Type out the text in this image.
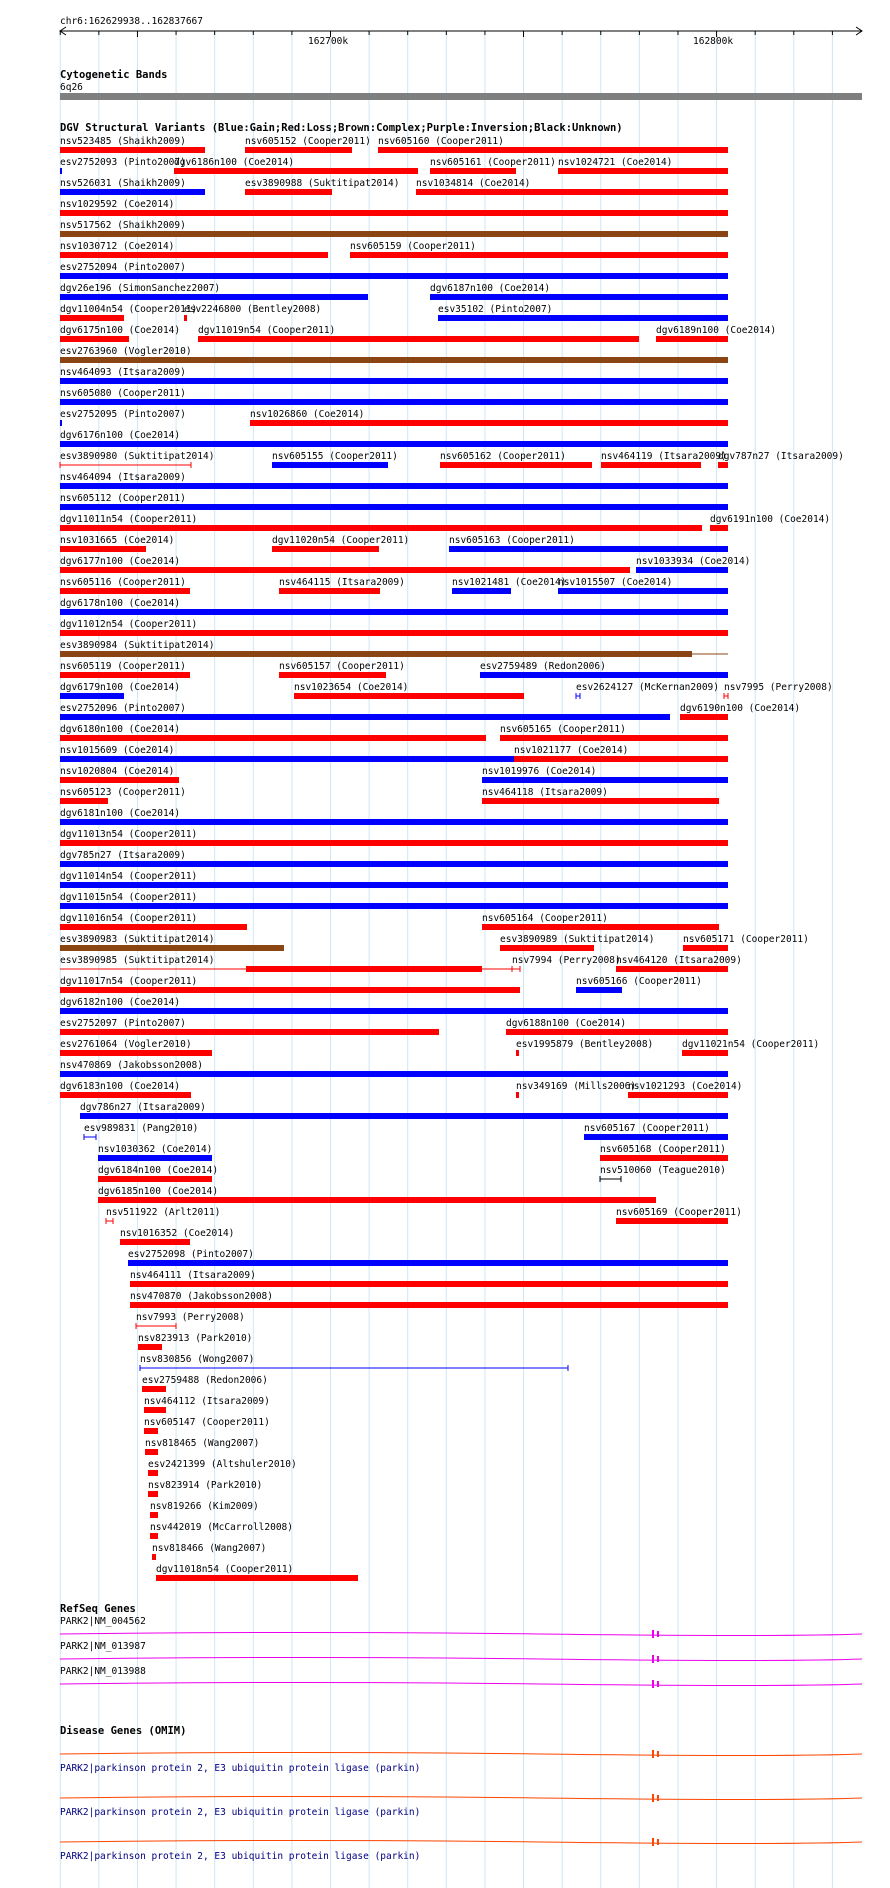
chr6:162629938..162837667
162700k	162800k
Cytogenetic Bands
6q26
DGV Structural Variants (Blue:Gain;Red:Loss;Brown:Complex;Purple:Inversion;Black:Unknown)
nsv523485 (Shaikh2009)	nsv605152 (Cooper2011) nsv605160 (Cooper2011)
esv2752093 (Pinto2007)
dgv6186n100 (Coe2014)	nsv605161 (Cooper2011) nsv1024721 (Coe2014)
nsv526031 (Shaikh2009)	esv3890988 (Suktitipat2014) nsv1034814 (Coe2014)
nsv1029592 (Coe2014)
nsv517562 (Shaikh2009)
nsv1030712 (Coe2014)	nsv605159 (Cooper2011)
esv2752094 (Pinto2007)
dgv26e196 (SimonSanchez2007)	dgv6187n100 (Coe2014)
dgv11004n54 (Cooper2011)
esv2246800 (Bentley2008)	esv35102 (Pinto2007)
dgv6175n100 (Coe2014) dgv11019n54 (Cooper2011)	dgv6189n100 (Coe2014)
esv2763960 (Vogler2010)
nsv464093 (Itsara2009)
nsv605080 (Cooper2011)
esv2752095 (Pinto2007)	nsv1026860 (Coe2014)
dgv6176n100 (Coe2014)
esv3890980 (Suktitipat2014)	nsv605155 (Cooper2011)	nsv605162 (Cooper2011)	nsv464119 (Itsara2009)
dgv787n27 (Itsara2009)
nsv464094 (Itsara2009)
nsv605112 (Cooper2011)
dgv11011n54 (Cooper2011)	dgv6191n100 (Coe2014)
nsv1031665 (Coe2014)	dgv11020n54 (Cooper2011)	nsv605163 (Cooper2011)
dgv6177n100 (Coe2014)	nsv1033934 (Coe2014)
nsv605116 (Cooper2011)	nsv464115 (Itsara2009)	nsv1021481 (Coe2014)
nsv1015507 (Coe2014)
dgv6178n100 (Coe2014)
dgv11012n54 (Cooper2011)
esv3890984 (Suktitipat2014)
nsv605119 (Cooper2011)	nsv605157 (Cooper2011)	esv2759489 (Redon2006)
dgv6179n100 (Coe2014)	nsv1023654 (Coe2014)	esv2624127 (McKernan2009) nsv7995 (Perry2008)
esv2752096 (Pinto2007)	dgv6190n100 (Coe2014)
dgv6180n100 (Coe2014)	nsv605165 (Cooper2011)
nsv1015609 (Coe2014)	nsv1021177 (Coe2014)
nsv1020804 (Coe2014)	nsv1019976 (Coe2014)
nsv605123 (Cooper2011)	nsv464118 (Itsara2009)
dgv6181n100 (Coe2014)
dgv11013n54 (Cooper2011)
dgv785n27 (Itsara2009)
dgv11014n54 (Cooper2011)
dgv11015n54 (Cooper2011)
dgv11016n54 (Cooper2011)	nsv605164 (Cooper2011)
esv3890983 (Suktitipat2014)	esv3890989 (Suktitipat2014)	nsv605171 (Cooper2011)
esv3890985 (Suktitipat2014)	nsv7994 (Perry2008)
nsv464120 (Itsara2009)
dgv11017n54 (Cooper2011)	nsv605166 (Cooper2011)
dgv6182n100 (Coe2014)
esv2752097 (Pinto2007)	dgv6188n100 (Coe2014)
esv2761064 (Vogler2010)	esv1995879 (Bentley2008)	dgv11021n54 (Cooper2011)
nsv470869 (Jakobsson2008)
dgv6183n100 (Coe2014)	nsv349169 (Mills2006)
nsv1021293 (Coe2014)
dgv786n27 (Itsara2009)
esv989831 (Pang2010)	nsv605167 (Cooper2011)
nsv1030362 (Coe2014)	nsv605168 (Cooper2011)
dgv6184n100 (Coe2014)	nsv510060 (Teague2010)
dgv6185n100 (Coe2014)
nsv511922 (Arlt2011)	nsv605169 (Cooper2011)
nsv1016352 (Coe2014)
esv2752098 (Pinto2007)
nsv464111 (Itsara2009)
nsv470870 (Jakobsson2008)
nsv7993 (Perry2008)
nsv823913 (Park2010)
nsv830856 (Wong2007)
esv2759488 (Redon2006)
nsv464112 (Itsara2009)
nsv605147 (Cooper2011)
nsv818465 (Wang2007)
esv2421399 (Altshuler2010)
nsv823914 (Park2010)
nsv819266 (Kim2009)
nsv442019 (McCarroll2008)
nsv818466 (Wang2007)
dgv11018n54 (Cooper2011)
RefSeq Genes
PARK2|NM_004562
PARK2|NM_013987
PARK2|NM_013988
Disease Genes (OMIM)
PARK2|parkinson protein 2, E3 ubiquitin protein ligase (parkin)
PARK2|parkinson protein 2, E3 ubiquitin protein ligase (parkin)
PARK2|parkinson protein 2, E3 ubiquitin protein ligase (parkin)
